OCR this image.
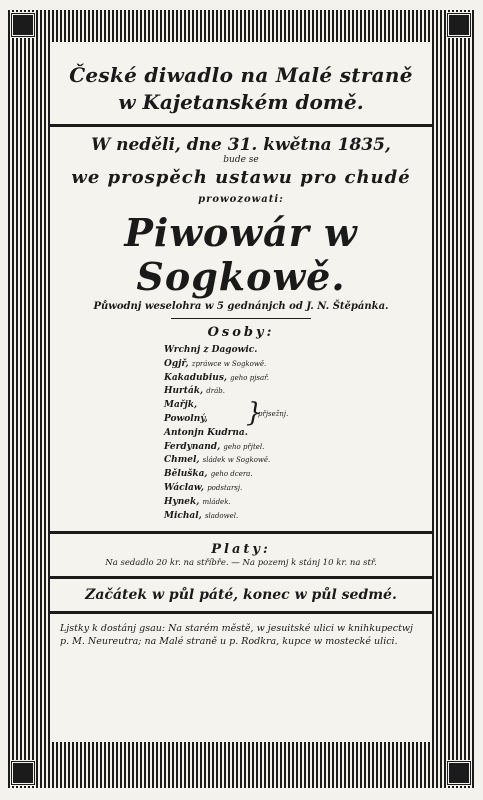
České diwadlo na Malé straně
w Kajetanském domě.
W neděli, dne 31. kwětna 1835,
bude se
we prospěch ustawu pro chudé
prowozowati:
Piwowár w Sogkowě.
Půwodnj weselohra w 5 gednánjch od J. N. Štěpánka.
Osoby:
Wrchnj z Dagowic.
Ogjř, zpráwce w Sogkowě.
Kakadubius, geho pjsař.
Hurták, dráb.
Mařjk,
Powolný,
Antonjn Kudrna.
Ferdynand, geho přjtel.
Chmel, sládek w Sogkowě.
Běluška, geho dcera.
Wáclaw, podstarsj.
Hynek, mládek.
Michal, sladowel.
}
přjsežnj.
Platy:
Na sedadlo 20 kr. na stříbře. — Na pozemj k stánj 10 kr. na stř.
Začátek w půl páté, konec w půl sedmé.
Ljstky k dostánj gsau: Na starém městě, w jesuitské ulici w knihkupectwj p. M. Neureutra; na Malé straně u p. Rodkra, kupce w mostecké ulici.
